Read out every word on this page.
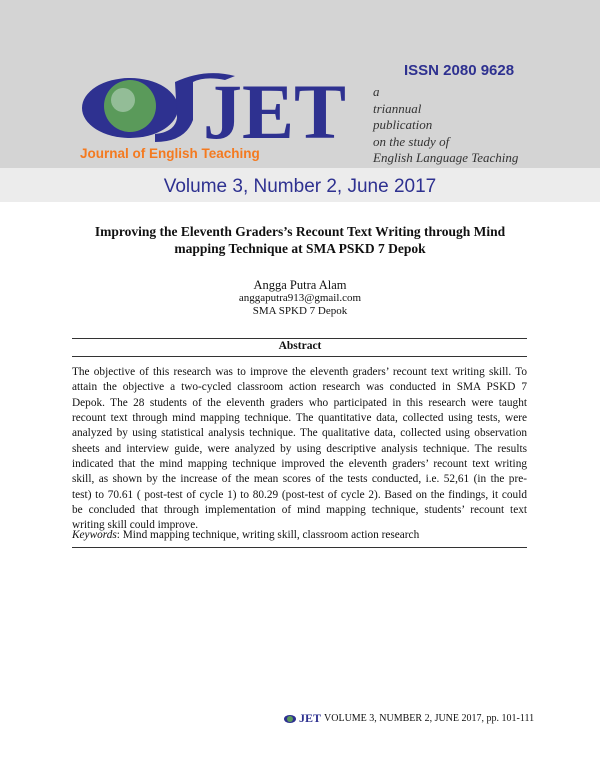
JET
Journal of English Teaching
ISSN 2080 9628
a
triannual
publication
on the study of
English Language Teaching
Volume 3, Number 2, June 2017
Improving the Eleventh Graders’s Recount Text Writing through Mind
mapping Technique at SMA PSKD 7 Depok
Angga Putra Alam
anggaputra913@gmail.com
SMA SPKD 7 Depok
Abstract
The objective of this research was to improve the eleventh graders’ recount text writing skill. To
attain the objective a two-cycled classroom action research was conducted in SMA PSKD 7
Depok. The 28 students of the eleventh graders who participated in this research were taught
recount text through mind mapping technique. The quantitative data, collected using tests, were
analyzed by using statistical analysis technique. The qualitative data, collected using observation
sheets and interview guide, were analyzed by using descriptive analysis technique. The results
indicated that the mind mapping technique improved the eleventh graders’ recount text writing
skill, as shown by the increase of the mean scores of the tests conducted, i.e. 52,61 (in the pre-
test) to 70.61 ( post-test of cycle 1) to 80.29 (post-test of cycle 2). Based on the findings, it could
be concluded that through implementation of mind mapping technique, students’ recount text
writing skill could improve.
Keywords: Mind mapping technique, writing skill, classroom action research
JET VOLUME 3, NUMBER 2, JUNE 2017, pp. 101-111
